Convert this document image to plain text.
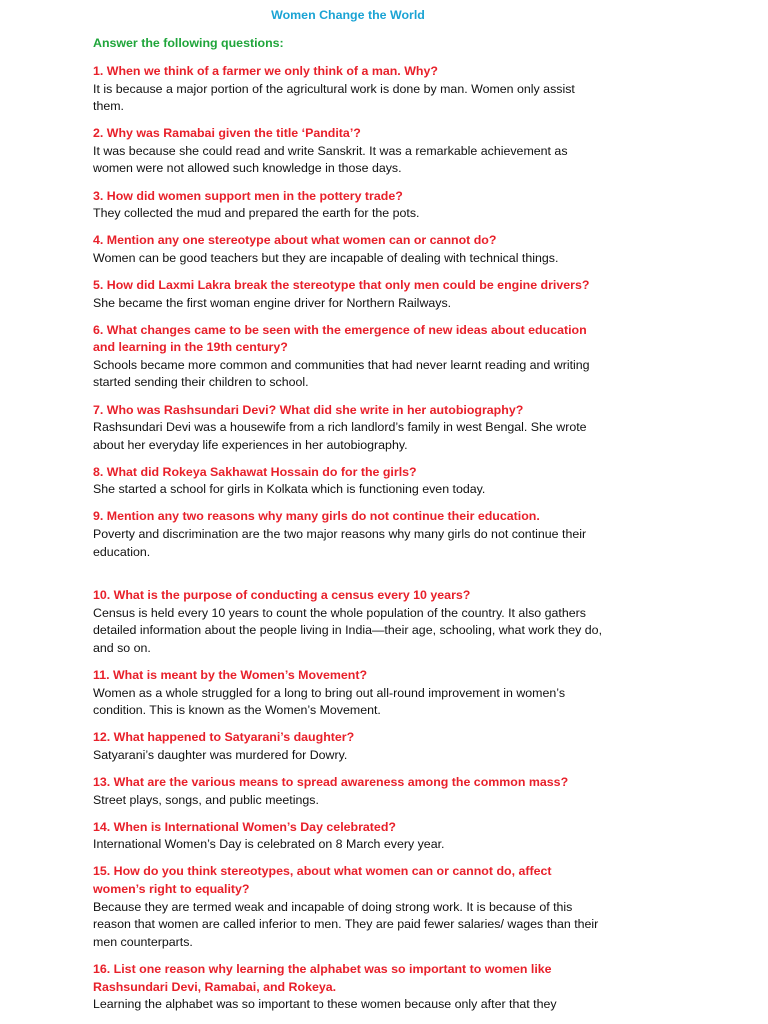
Women Change the World
Answer the following questions:
1. When we think of a farmer we only think of a man. Why?
It is because a major portion of the agricultural work is done by man. Women only assist them.
2. Why was Ramabai given the title ‘Pandita’?
It was because she could read and write Sanskrit. It was a remarkable achievement as women were not allowed such knowledge in those days.
3. How did women support men in the pottery trade?
They collected the mud and prepared the earth for the pots.
4. Mention any one stereotype about what women can or cannot do?
Women can be good teachers but they are incapable of dealing with technical things.
5. How did Laxmi Lakra break the stereotype that only men could be engine drivers?
She became the first woman engine driver for Northern Railways.
6. What changes came to be seen with the emergence of new ideas about education and learning in the 19th century?
Schools became more common and communities that had never learnt reading and writing started sending their children to school.
7. Who was Rashsundari Devi? What did she write in her autobiography?
Rashsundari Devi was a housewife from a rich landlord’s family in west Bengal. She wrote about her everyday life experiences in her autobiography.
8. What did Rokeya Sakhawat Hossain do for the girls?
She started a school for girls in Kolkata which is functioning even today.
9. Mention any two reasons why many girls do not continue their education.
Poverty and discrimination are the two major reasons why many girls do not continue their education.
10. What is the purpose of conducting a census every 10 years?
Census is held every 10 years to count the whole population of the country. It also gathers detailed information about the people living in India—their age, schooling, what work they do, and so on.
11. What is meant by the Women’s Movement?
Women as a whole struggled for a long to bring out all-round improvement in women’s condition. This is known as the Women’s Movement.
12. What happened to Satyarani’s daughter?
Satyarani’s daughter was murdered for Dowry.
13. What are the various means to spread awareness among the common mass?
Street plays, songs, and public meetings.
14. When is International Women’s Day celebrated?
International Women’s Day is celebrated on 8 March every year.
15. How do you think stereotypes, about what women can or cannot do, affect women’s right to equality?
Because they are termed weak and incapable of doing strong work. It is because of this reason that women are called inferior to men. They are paid fewer salaries/ wages than their men counterparts.
16. List one reason why learning the alphabet was so important to women like Rashsundari Devi, Ramabai, and Rokeya.
Learning the alphabet was so important to these women because only after that they
